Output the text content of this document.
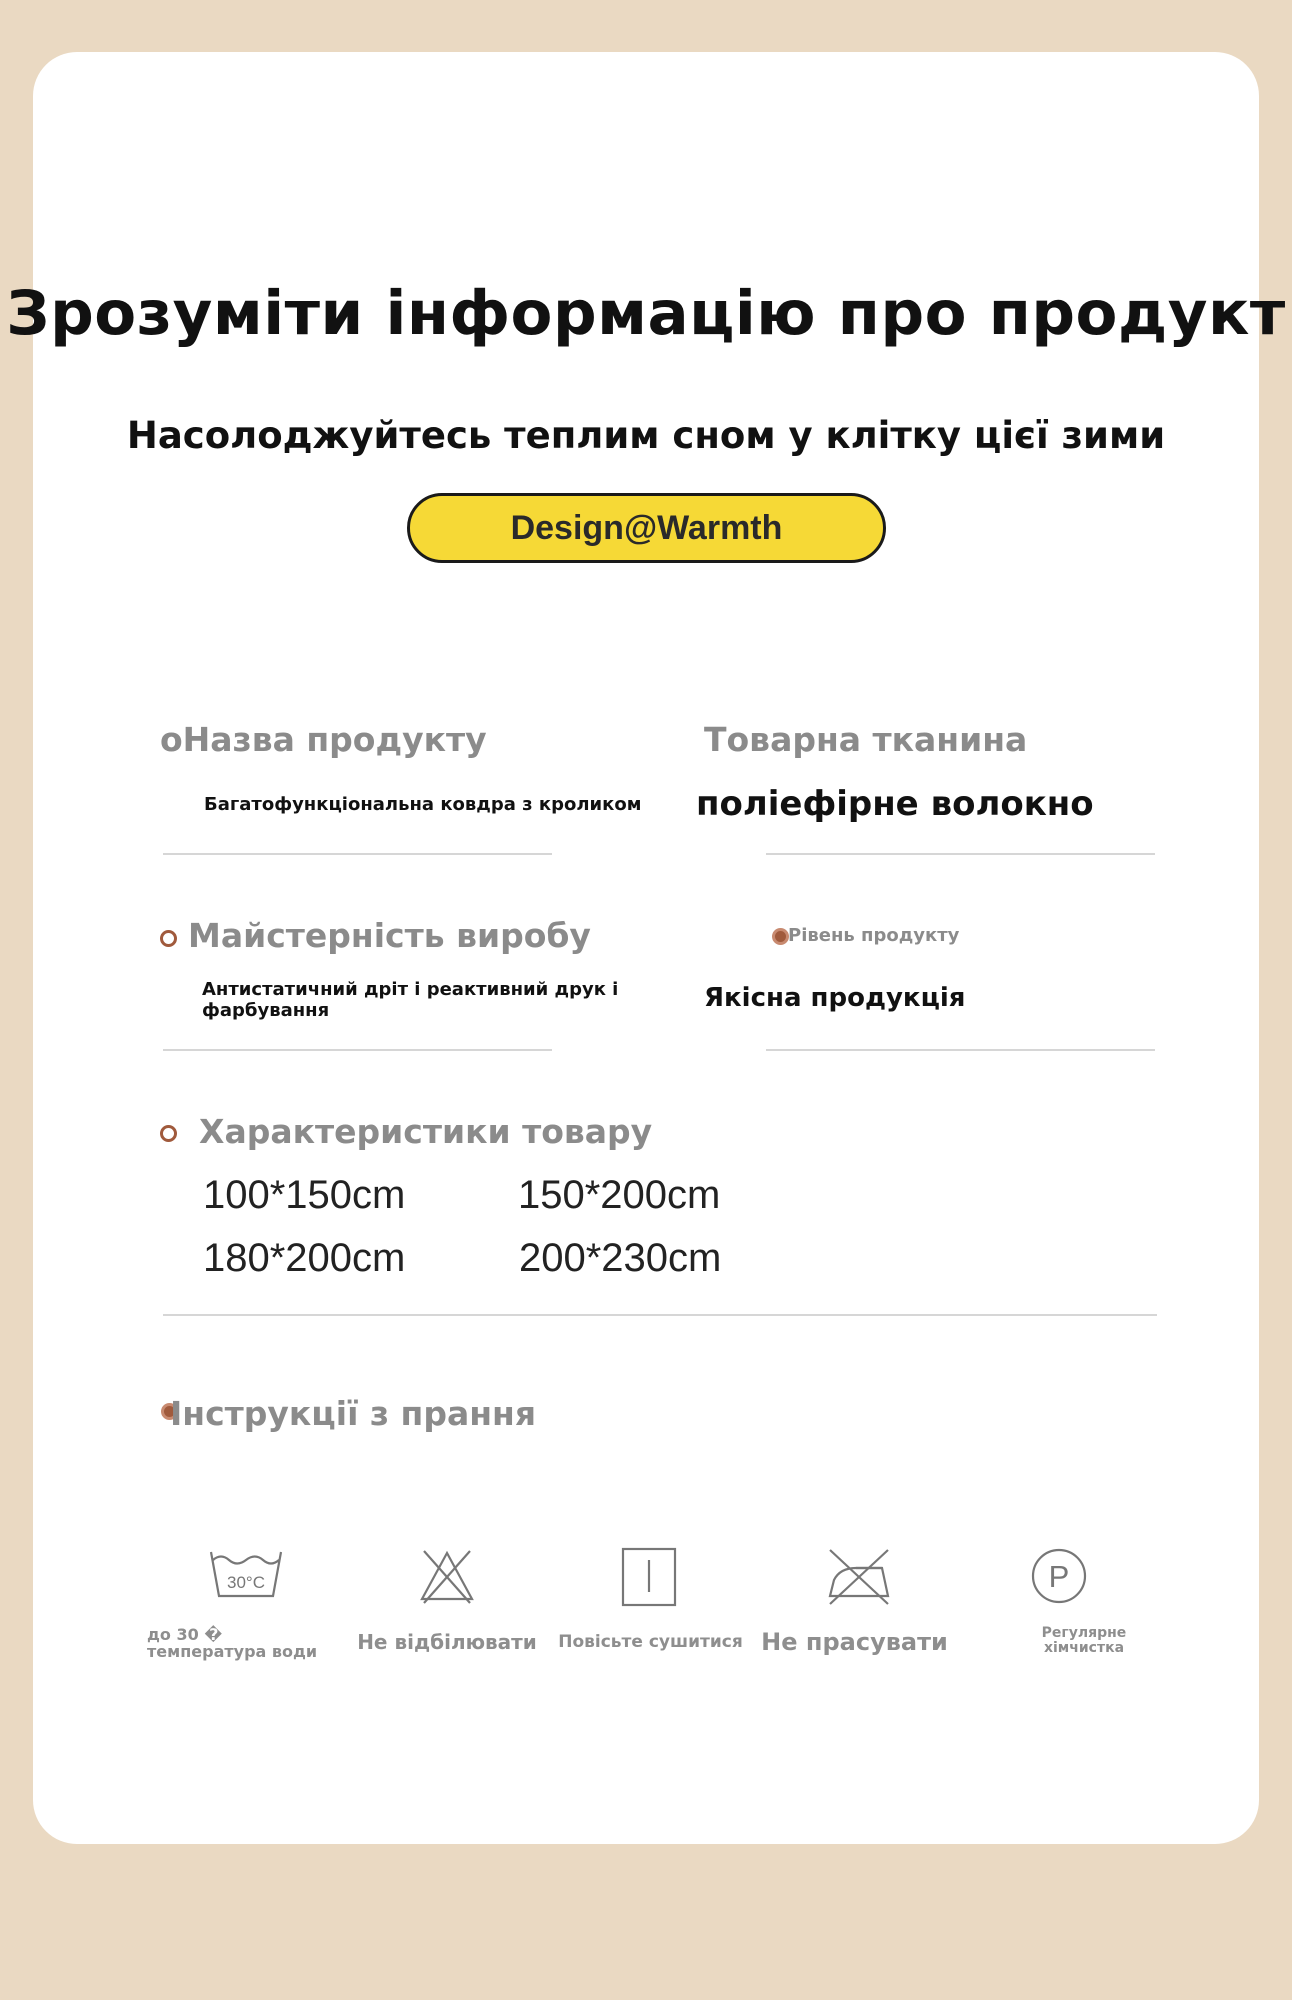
Зрозуміти інформацію про продукт
Насолоджуйтесь теплим сном у клітку цієї зими
Design@Warmth
оНазва продукту
Багатофункціональна ковдра з кроликом
Товарна тканина
поліефірне волокно
Майстерність виробу
Антистатичний дріт і реактивний друк і фарбування
Рівень продукту
Якісна продукція
Характеристики товару
100*150cm	150*200cm
180*200cm	200*230cm
Інструкції з прання
30°C
до 30 � температура води	Не відбілювати	Повісьте сушитися Не прасувати
P
Регулярне хімчистка
